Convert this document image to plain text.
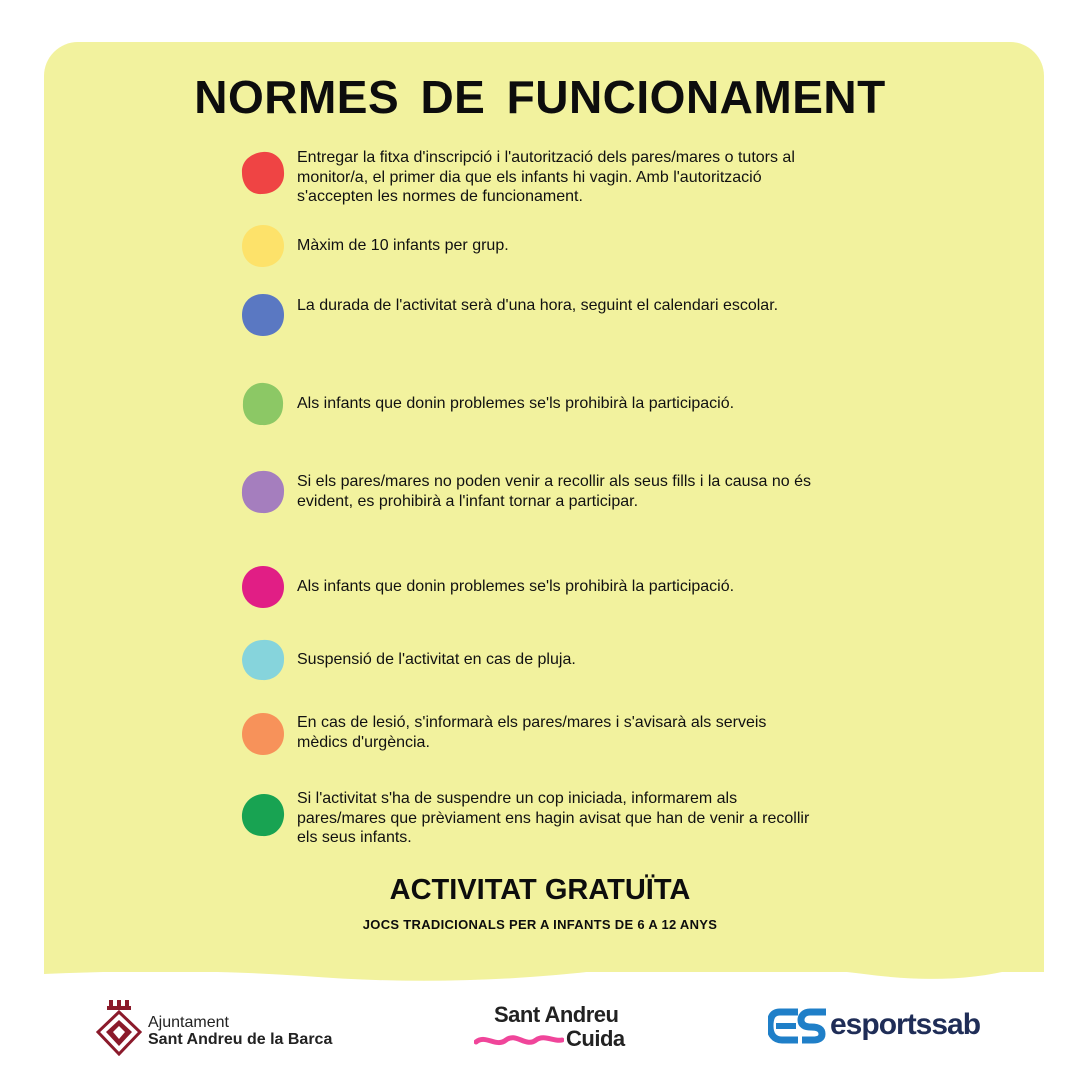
NORMES DE FUNCIONAMENT
Entregar la fitxa d'inscripció i l'autorització dels pares/mares o tutors al monitor/a, el primer dia que els infants hi vagin. Amb l'autorització s'accepten les normes de funcionament.
Màxim de 10 infants per grup.
La durada de l'activitat serà d'una hora, seguint el calendari escolar.
Als infants que donin problemes se'ls prohibirà la participació.
Si els pares/mares no poden venir a recollir als seus fills i la causa no és evident, es prohibirà a l'infant tornar a participar.
Als infants que donin problemes se'ls prohibirà la participació.
Suspensió de l'activitat en cas de pluja.
En cas de lesió, s'informarà els pares/mares i s'avisarà als serveis mèdics d'urgència.
Si l'activitat s'ha de suspendre un cop iniciada, informarem als pares/mares que prèviament ens hagin avisat que han de venir a recollir els seus infants.
ACTIVITAT GRATUÏTA
JOCS TRADICIONALS PER A INFANTS DE 6 A 12 ANYS
Ajuntament
Sant Andreu de la Barca
Sant Andreu
Cuida	esportssab
